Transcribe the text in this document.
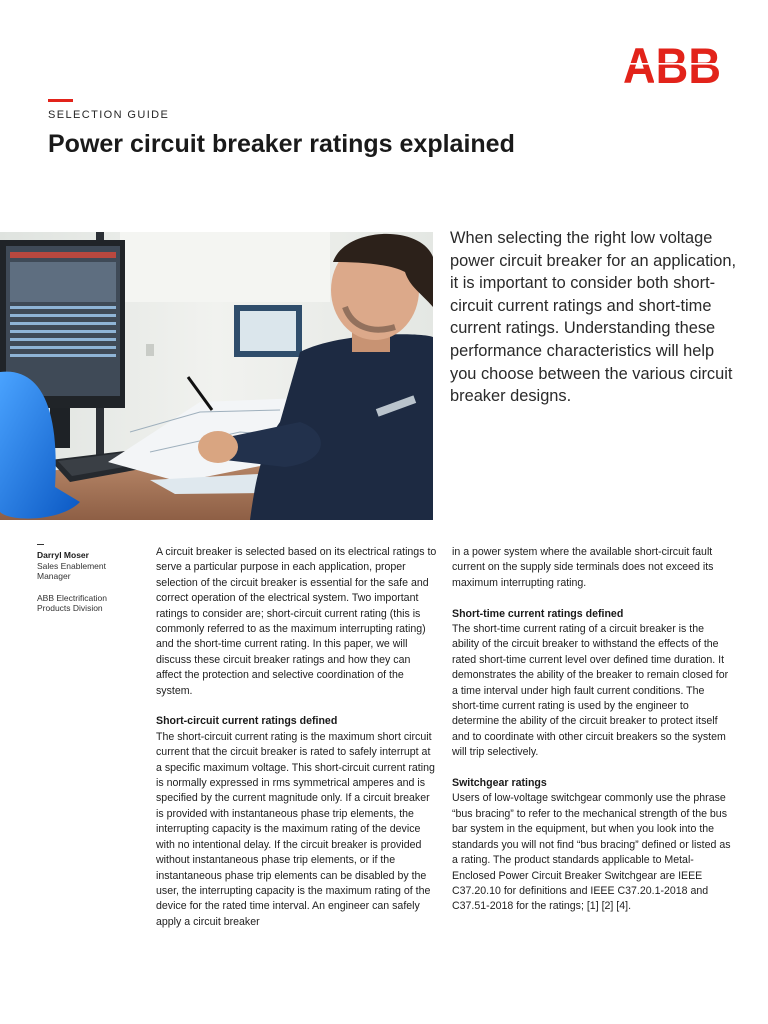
SELECTION GUIDE
Power circuit breaker ratings explained

When selecting the right low voltage power circuit breaker for an application, it is important to consider both short-circuit current ratings and short-time current ratings. Understanding these performance characteristics will help you choose between the various circuit breaker designs.

Darryl Moser
Sales Enablement Manager
ABB Electrification Products Division

A circuit breaker is selected based on its electrical ratings to serve a particular purpose in each application, proper selection of the circuit breaker is essential for the safe and correct operation of the electrical system. Two important ratings to consider are; short-circuit current rating (this is commonly referred to as the maximum interrupting rating) and the short-time current rating. In this paper, we will discuss these circuit breaker ratings and how they can affect the protection and selective coordination of the system.

Short-circuit current ratings defined

The short-circuit current rating is the maximum short circuit current that the circuit breaker is rated to safely interrupt at a specific maximum voltage. This short-circuit current rating is normally expressed in rms symmetrical amperes and is specified by the current magnitude only. If a circuit breaker is provided with instantaneous phase trip elements, the interrupting capacity is the maximum rating of the device with no intentional delay. If the circuit breaker is provided without instantaneous phase trip elements, or if the instantaneous phase trip elements can be disabled by the user, the interrupting capacity is the maximum rating of the device for the rated time interval. An engineer can safely apply a circuit breaker

in a power system where the available short-circuit fault current on the supply side terminals does not exceed its maximum interrupting rating.

Short-time current ratings defined

The short-time current rating of a circuit breaker is the ability of the circuit breaker to withstand the effects of the rated short-time current level over defined time duration. It demonstrates the ability of the breaker to remain closed for a time interval under high fault current conditions. The short-time current rating is used by the engineer to determine the ability of the circuit breaker to protect itself and to coordinate with other circuit breakers so the system will trip selectively.

Switchgear ratings

Users of low-voltage switchgear commonly use the phrase “bus bracing” to refer to the mechanical strength of the bus bar system in the equipment, but when you look into the standards you will not find “bus bracing” defined or listed as a rating. The product standards applicable to Metal-Enclosed Power Circuit Breaker Switchgear are IEEE C37.20.10 for definitions and IEEE C37.20.1-2018 and C37.51-2018 for the ratings; [1] [2] [4].
